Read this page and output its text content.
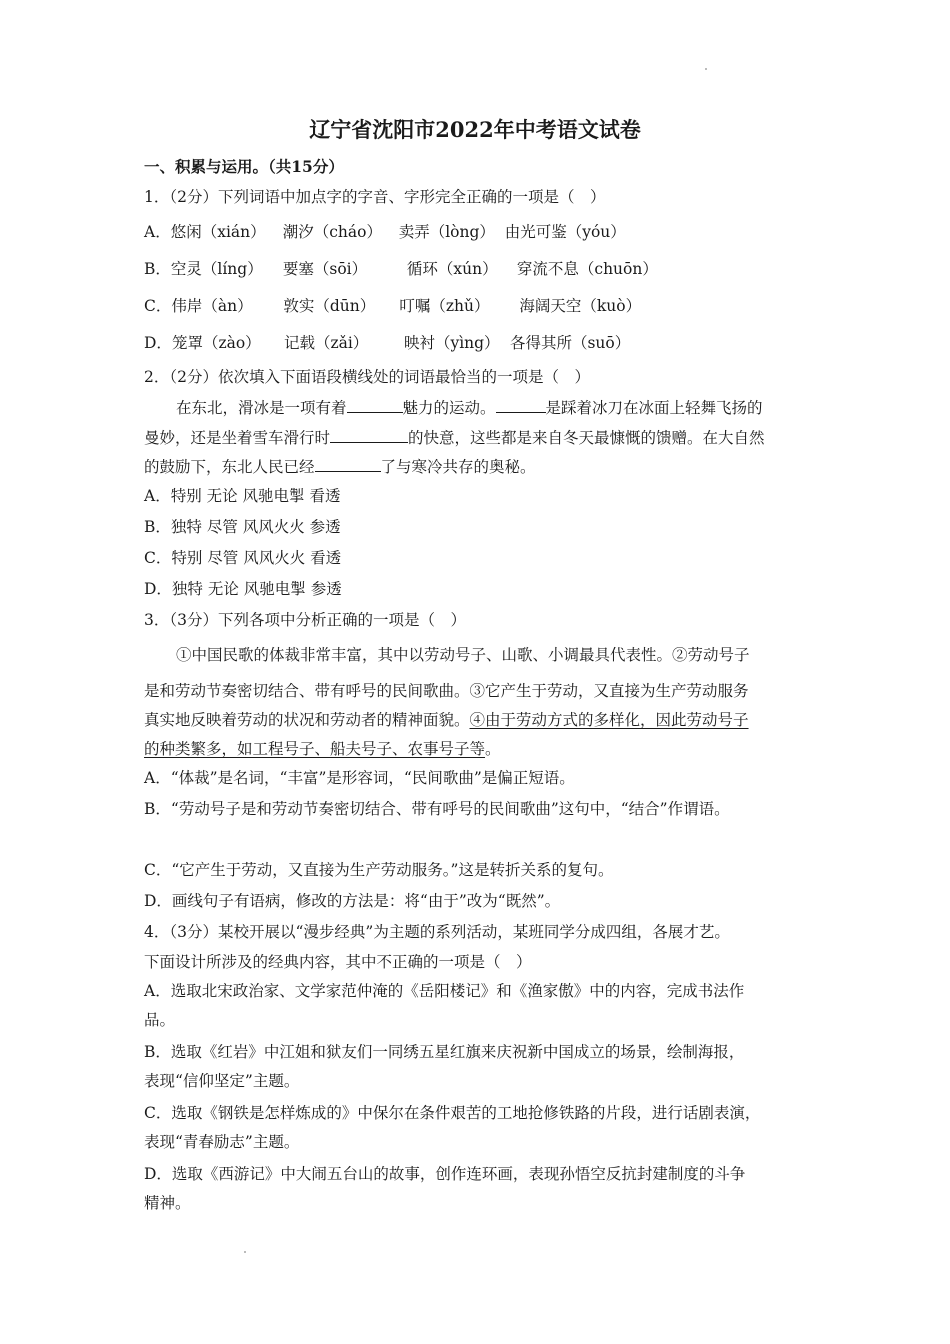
辽宁省沈阳市2022年中考语文试卷
一、积累与运用。（共15分）
1．（2分）下列词语中加点字的字音、字形完全正确的一项是（　）
A．悠闲（xián） 潮汐（cháo） 卖弄（lòng） 由光可鉴（yóu）
B．空灵（líng） 要塞（sōi）	循环（xún） 穿流不息（chuōn）
C．伟岸（àn） 敦实（dūn） 叮嘱（zhǔ） 海阔天空（kuò）
D．笼罩（zào） 记载（zǎi） 映衬（yìng） 各得其所（suō）
2．（2分）依次填入下面语段横线处的词语最恰当的一项是（　）
在东北，滑冰是一项有着	魅力的运动。	是踩着冰刀在冰面上轻舞飞扬的
曼妙，还是坐着雪车滑行时	的快意，这些都是来自冬天最慷慨的馈赠。在大自然
的鼓励下，东北人民已经	了与寒冷共存的奥秘。
A．特别 无论 风驰电掣 看透
B．独特 尽管 风风火火 参透
C．特别 尽管 风风火火 看透
D．独特 无论 风驰电掣 参透
3．（3分）下列各项中分析正确的一项是（　）
①中国民歌的体裁非常丰富，其中以劳动号子、山歌、小调最具代表性。②劳动号子
是和劳动节奏密切结合、带有呼号的民间歌曲。③它产生于劳动，又直接为生产劳动服务
真实地反映着劳动的状况和劳动者的精神面貌。④由于劳动方式的多样化，因此劳动号子
的种类繁多，如工程号子、船夫号子、农事号子等。
A．“体裁”是名词，“丰富”是形容词，“民间歌曲”是偏正短语。
B．“劳动号子是和劳动节奏密切结合、带有呼号的民间歌曲”这句中，“结合”作谓语。
C．“它产生于劳动，又直接为生产劳动服务。”这是转折关系的复句。
D．画线句子有语病，修改的方法是：将“由于”改为“既然”。
4．（3分）某校开展以“漫步经典”为主题的系列活动，某班同学分成四组，各展才艺。
下面设计所涉及的经典内容，其中不正确的一项是（　）
A．选取北宋政治家、文学家范仲淹的《岳阳楼记》和《渔家傲》中的内容，完成书法作
品。
B．选取《红岩》中江姐和狱友们一同绣五星红旗来庆祝新中国成立的场景，绘制海报，
表现“信仰坚定”主题。
C．选取《钢铁是怎样炼成的》中保尔在条件艰苦的工地抢修铁路的片段，进行话剧表演，
表现“青春励志”主题。
D．选取《西游记》中大闹五台山的故事，创作连环画，表现孙悟空反抗封建制度的斗争
精神。
